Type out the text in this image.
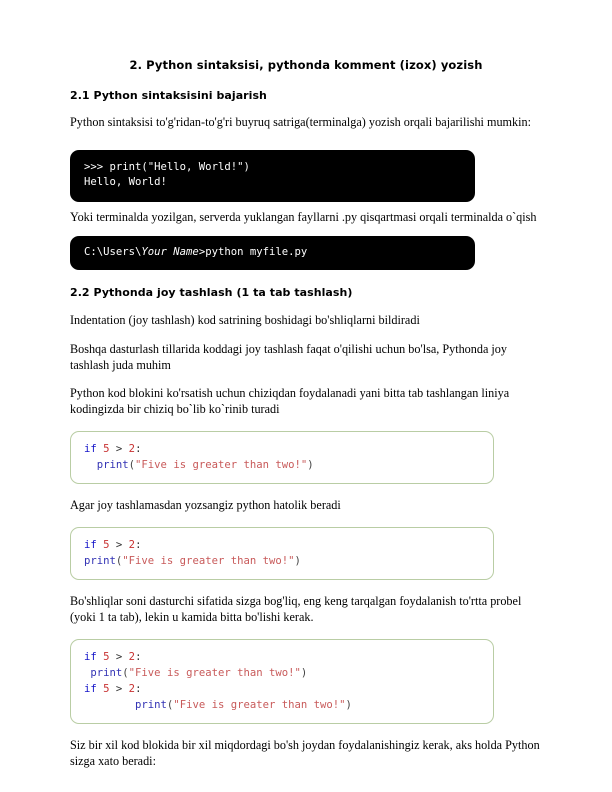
2. Python sintaksisi, pythonda komment (izox) yozish
2.1 Python sintaksisini bajarish

Python sintaksisi to'g'ridan-to'g'ri buyruq satriga(terminalga) yozish orqali bajarilishi mumkin:

>>> print("Hello, World!")
Hello, World!

Yoki terminalda yozilgan, serverda yuklangan fayllarni .py qisqartmasi orqali terminalda o`qish

C:\Users\Your Name>python myfile.py
2.2 Pythonda joy tashlash (1 ta tab tashlash)

Indentation (joy tashlash) kod satrining boshidagi bo'shliqlarni bildiradi

Boshqa dasturlash tillarida koddagi joy tashlash faqat o'qilishi uchun bo'lsa, Pythonda joy tashlash juda muhim

Python kod blokini ko'rsatish uchun chiziqdan foydalanadi yani bitta tab tashlangan liniya kodingizda bir chiziq bo`lib ko`rinib turadi

if 5 > 2:
print("Five is greater than two!")

Agar joy tashlamasdan yozsangiz python hatolik beradi

if 5 > 2:
print("Five is greater than two!")

Bo'shliqlar soni dasturchi sifatida sizga bog'liq, eng keng tarqalgan foydalanish to'rtta probel (yoki 1 ta tab), lekin u kamida bitta bo'lishi kerak.

if 5 > 2:
print("Five is greater than two!")
if 5 > 2:
print("Five is greater than two!")

Siz bir xil kod blokida bir xil miqdordagi bo'sh joydan foydalanishingiz kerak, aks holda Python sizga xato beradi:
